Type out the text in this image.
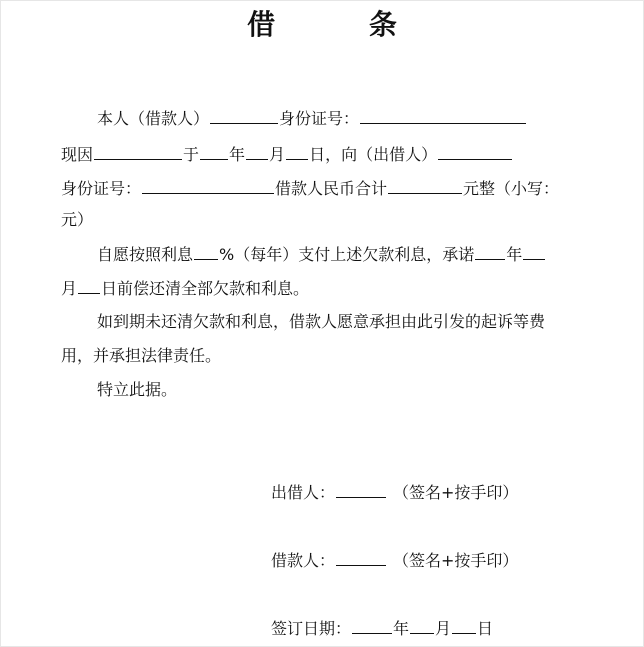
借 条
本人（借款人）	身份证号：
现因	于 年 月 日，向（出借人）
身份证号：	借款人民币合计	元整（小写：
元）
自愿按照利息 %（每年）支付上述欠款利息，承诺 年
月 日前偿还清全部欠款和利息。
如到期未还清欠款和利息，借款人愿意承担由此引发的起诉等费
用，并承担法律责任。
特立此据。
出借人：	（签名+按手印）
借款人：	（签名+按手印）
签订日期：	年 月 日
